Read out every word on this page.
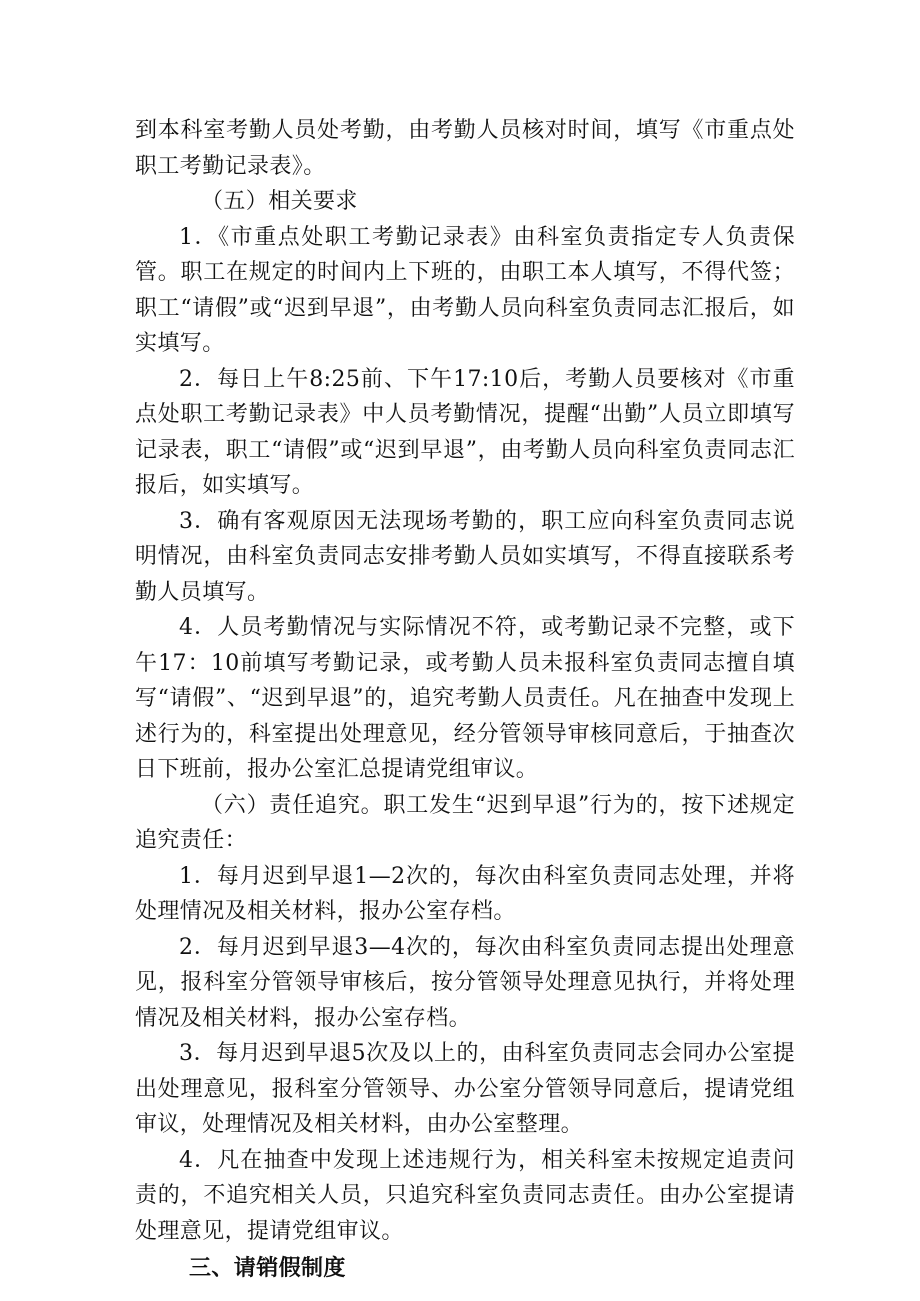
到本科室考勤人员处考勤，由考勤人员核对时间，填写《市重点处职工考勤记录表》。

（五）相关要求

1．《市重点处职工考勤记录表》由科室负责指定专人负责保管。职工在规定的时间内上下班的，由职工本人填写，不得代签；职工“请假”或“迟到早退”，由考勤人员向科室负责同志汇报后，如实填写。

2．每日上午8:25前、下午17:10后，考勤人员要核对《市重点处职工考勤记录表》中人员考勤情况，提醒“出勤”人员立即填写记录表，职工“请假”或“迟到早退”，由考勤人员向科室负责同志汇报后，如实填写。

3．确有客观原因无法现场考勤的，职工应向科室负责同志说明情况，由科室负责同志安排考勤人员如实填写，不得直接联系考勤人员填写。

4．人员考勤情况与实际情况不符，或考勤记录不完整，或下午17：10前填写考勤记录，或考勤人员未报科室负责同志擅自填写“请假”、“迟到早退”的，追究考勤人员责任。凡在抽查中发现上述行为的，科室提出处理意见，经分管领导审核同意后，于抽查次日下班前，报办公室汇总提请党组审议。

（六）责任追究。职工发生“迟到早退”行为的，按下述规定追究责任：

1．每月迟到早退1—2次的，每次由科室负责同志处理，并将处理情况及相关材料，报办公室存档。

2．每月迟到早退3—4次的，每次由科室负责同志提出处理意见，报科室分管领导审核后，按分管领导处理意见执行，并将处理情况及相关材料，报办公室存档。

3．每月迟到早退5次及以上的，由科室负责同志会同办公室提出处理意见，报科室分管领导、办公室分管领导同意后，提请党组审议，处理情况及相关材料，由办公室整理。

4．凡在抽查中发现上述违规行为，相关科室未按规定追责问责的，不追究相关人员，只追究科室负责同志责任。由办公室提请处理意见，提请党组审议。

三、请销假制度
